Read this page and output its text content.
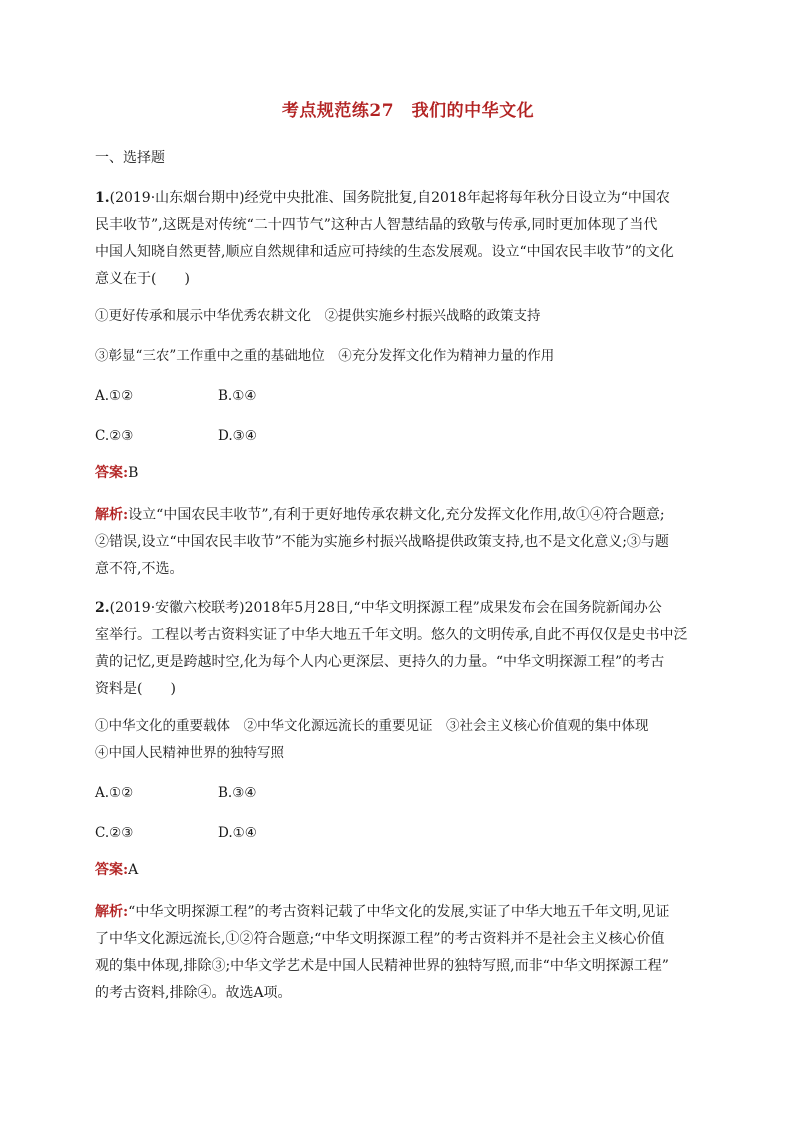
考点规范练27　我们的中华文化
一、选择题
1.(2019·山东烟台期中)经党中央批准、国务院批复,自2018年起将每年秋分日设立为“中国农
民丰收节”,这既是对传统“二十四节气”这种古人智慧结晶的致敬与传承,同时更加体现了当代
中国人知晓自然更替,顺应自然规律和适应可持续的生态发展观。设立“中国农民丰收节”的文化
意义在于(　　)

①更好传承和展示中华优秀农耕文化　②提供实施乡村振兴战略的政策支持

③彰显“三农”工作重中之重的基础地位　④充分发挥文化作为精神力量的作用

A.①②	B.①④
C.②③	D.③④
答案:B
解析:设立“中国农民丰收节”,有利于更好地传承农耕文化,充分发挥文化作用,故①④符合题意;
②错误,设立“中国农民丰收节”不能为实施乡村振兴战略提供政策支持,也不是文化意义;③与题
意不符,不选。
2.(2019·安徽六校联考)2018年5月28日,“中华文明探源工程”成果发布会在国务院新闻办公
室举行。工程以考古资料实证了中华大地五千年文明。悠久的文明传承,自此不再仅仅是史书中泛
黄的记忆,更是跨越时空,化为每个人内心更深层、更持久的力量。“中华文明探源工程”的考古
资料是(　　)

①中华文化的重要载体　②中华文化源远流长的重要见证　③社会主义核心价值观的集中体现

④中国人民精神世界的独特写照

A.①②	B.③④
C.②③	D.①④
答案:A
解析:“中华文明探源工程”的考古资料记载了中华文化的发展,实证了中华大地五千年文明,见证
了中华文化源远流长,①②符合题意;“中华文明探源工程”的考古资料并不是社会主义核心价值
观的集中体现,排除③;中华文学艺术是中国人民精神世界的独特写照,而非“中华文明探源工程”
的考古资料,排除④。故选A项。
